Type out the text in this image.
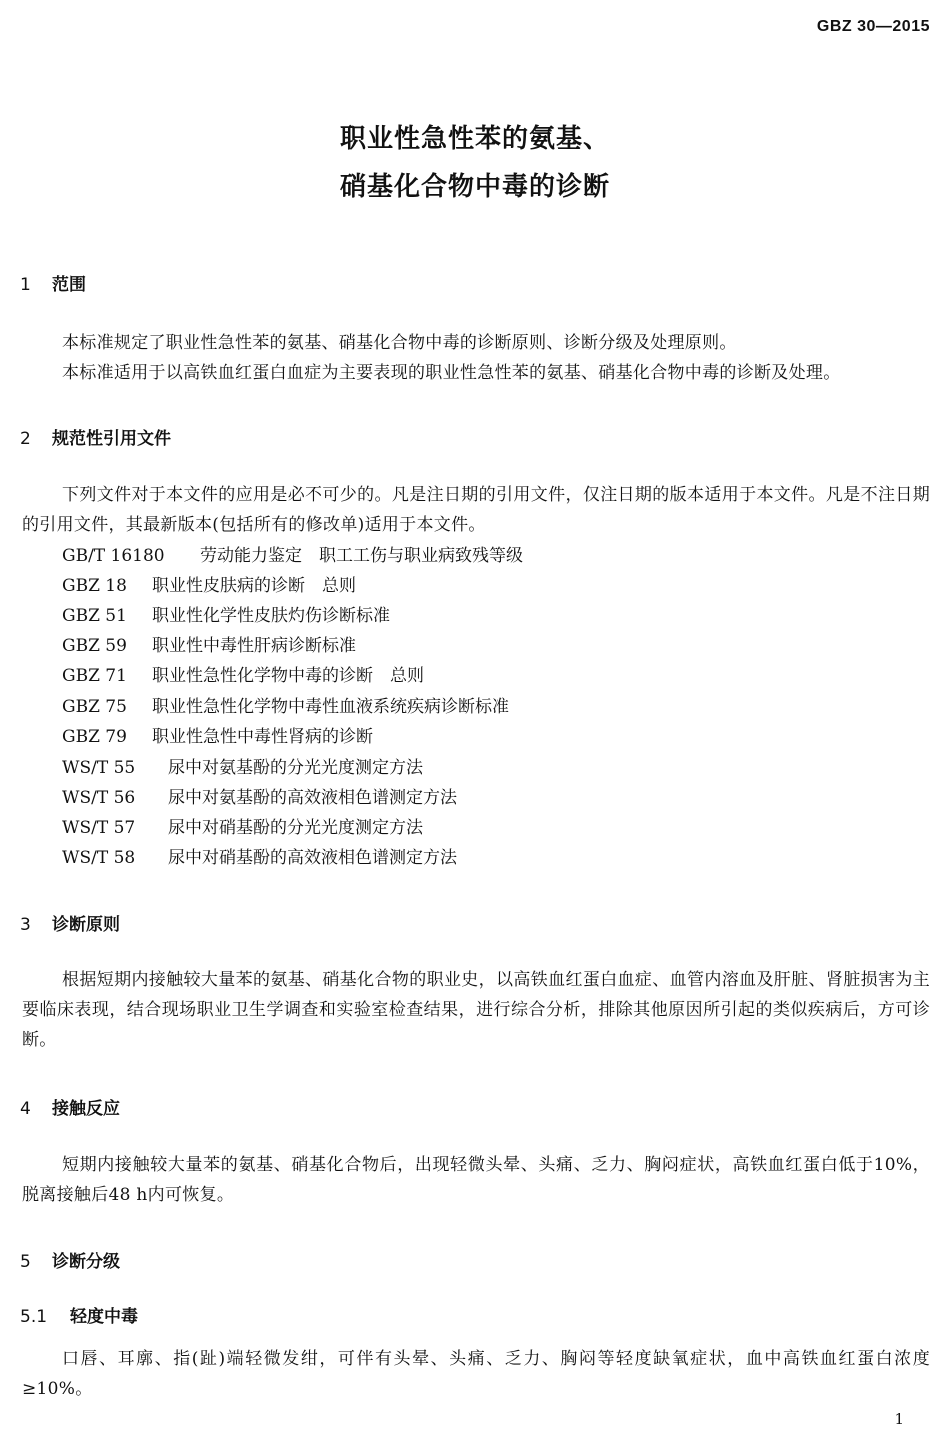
GBZ 30—2015
职业性急性苯的氨基、
硝基化合物中毒的诊断
1 范围
本标准规定了职业性急性苯的氨基、硝基化合物中毒的诊断原则、诊断分级及处理原则。
本标准适用于以高铁血红蛋白血症为主要表现的职业性急性苯的氨基、硝基化合物中毒的诊断及处理。
2 规范性引用文件
下列文件对于本文件的应用是必不可少的。凡是注日期的引用文件，仅注日期的版本适用于本文件。凡是不注日期的引用文件，其最新版本(包括所有的修改单)适用于本文件。
GB/T 16180 劳动能力鉴定　职工工伤与职业病致残等级
GBZ 18 职业性皮肤病的诊断　总则
GBZ 51 职业性化学性皮肤灼伤诊断标准
GBZ 59 职业性中毒性肝病诊断标准
GBZ 71 职业性急性化学物中毒的诊断　总则
GBZ 75 职业性急性化学物中毒性血液系统疾病诊断标准
GBZ 79 职业性急性中毒性肾病的诊断
WS/T 55 尿中对氨基酚的分光光度测定方法
WS/T 56 尿中对氨基酚的高效液相色谱测定方法
WS/T 57 尿中对硝基酚的分光光度测定方法
WS/T 58 尿中对硝基酚的高效液相色谱测定方法
3 诊断原则
根据短期内接触较大量苯的氨基、硝基化合物的职业史，以高铁血红蛋白血症、血管内溶血及肝脏、肾脏损害为主要临床表现，结合现场职业卫生学调查和实验室检查结果，进行综合分析，排除其他原因所引起的类似疾病后，方可诊断。
4 接触反应
短期内接触较大量苯的氨基、硝基化合物后，出现轻微头晕、头痛、乏力、胸闷症状，高铁血红蛋白低于10%，脱离接触后48 h内可恢复。
5 诊断分级
5.1 轻度中毒
口唇、耳廓、指(趾)端轻微发绀，可伴有头晕、头痛、乏力、胸闷等轻度缺氧症状，血中高铁血红蛋白浓度≥10%。
1
